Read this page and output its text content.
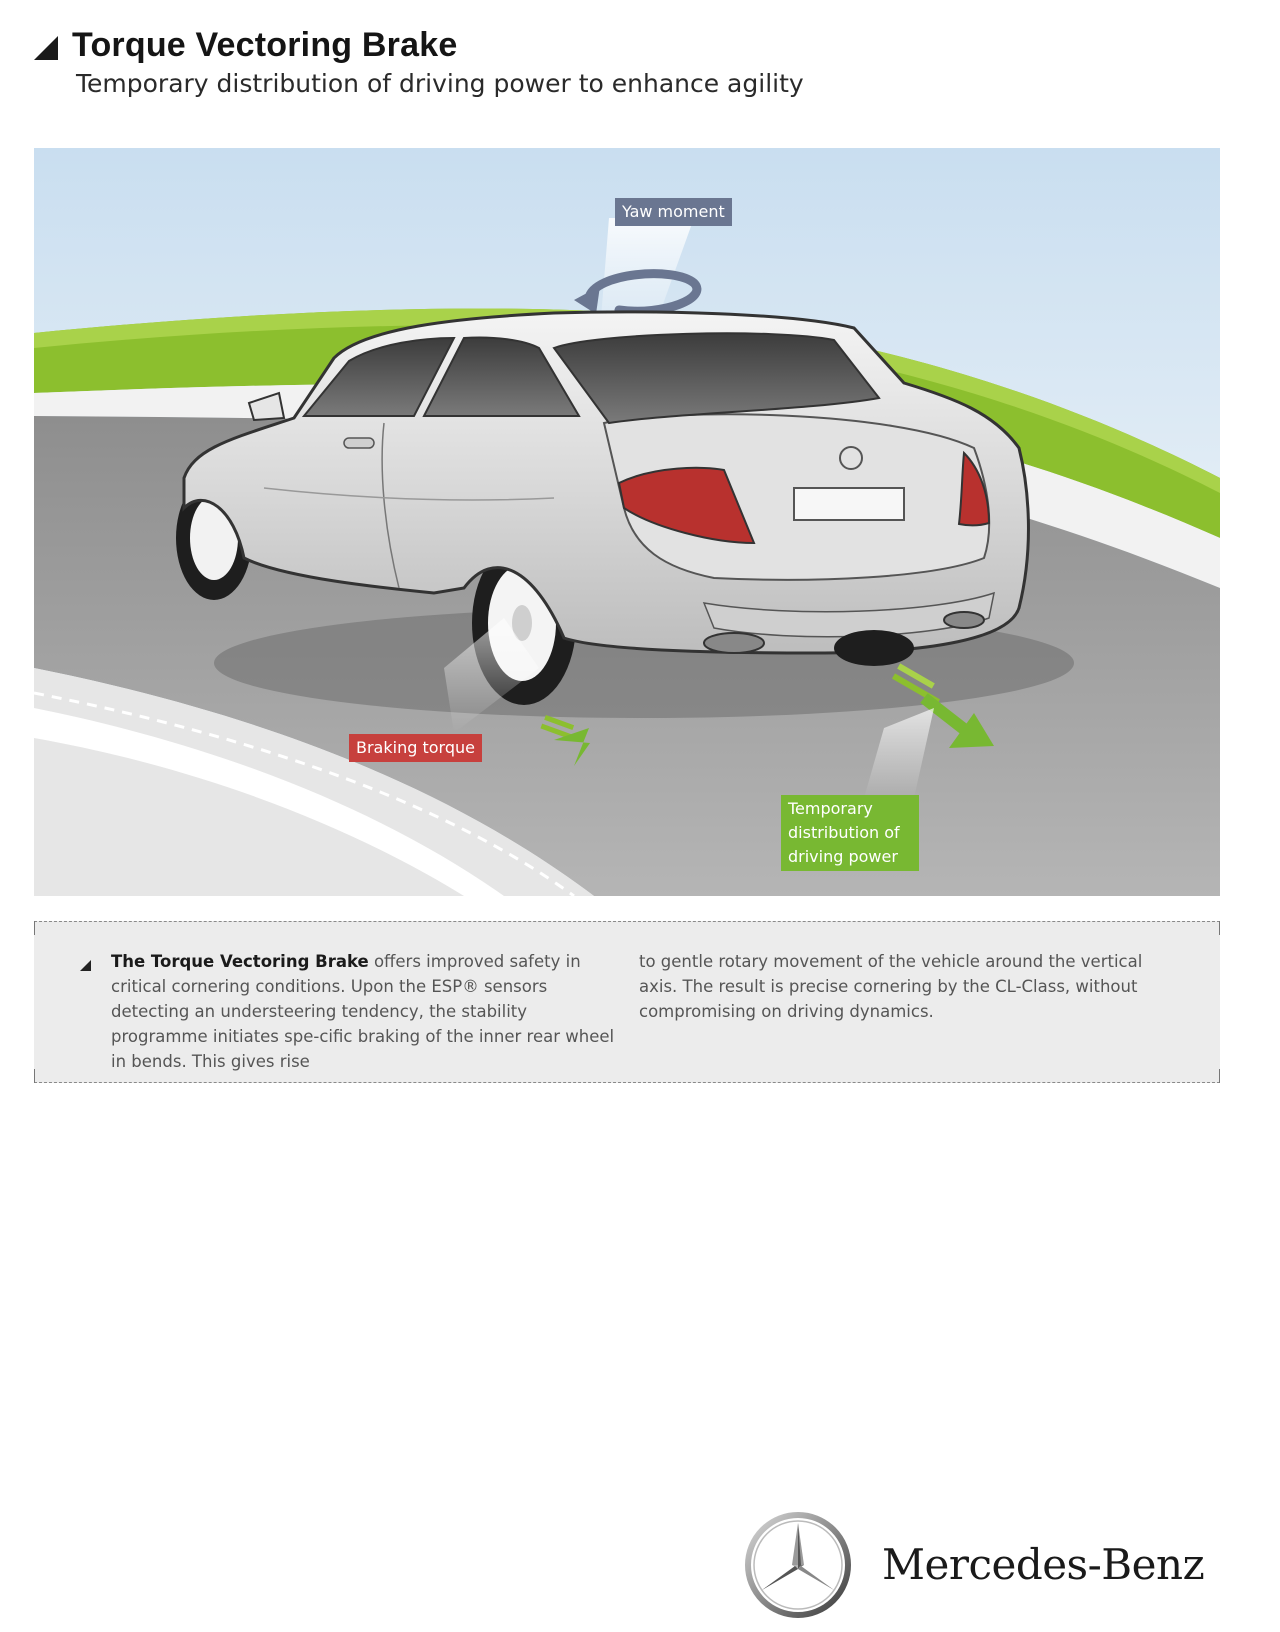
Torque Vectoring Brake
Temporary distribution of driving power to enhance agility
Yaw moment
Braking torque
Temporary distribution of driving power
The Torque Vectoring Brake offers improved safety in critical cornering conditions. Upon the ESP® sensors detecting an understeering tendency, the stability programme initiates spe-cific braking of the inner rear wheel in bends. This gives rise
to gentle rotary movement of the vehicle around the vertical axis. The result is precise cornering by the CL-Class, without compromising on driving dynamics.
Mercedes-Benz
